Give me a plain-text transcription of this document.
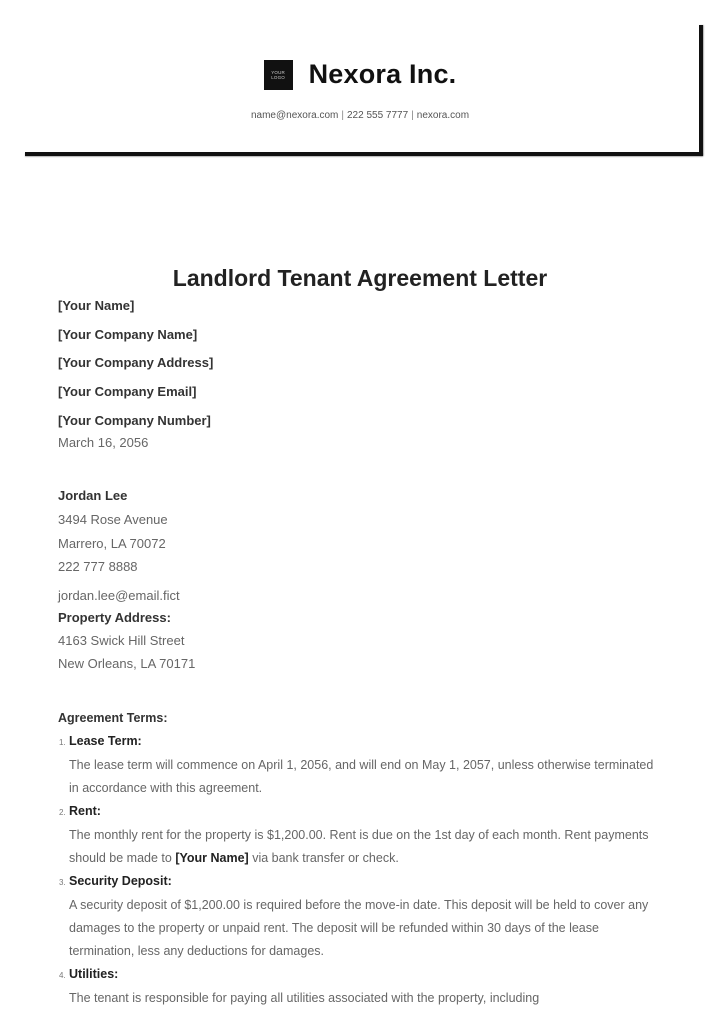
YOUR
LOGO Nexora Inc.
name@nexora.com | 222 555 7777 | nexora.com
Landlord Tenant Agreement Letter
[Your Name]
[Your Company Name]
[Your Company Address]
[Your Company Email]
[Your Company Number]
March 16, 2056
Jordan Lee
3494 Rose Avenue
Marrero, LA 70072
222 777 8888
jordan.lee@email.fict
Property Address:
4163 Swick Hill Street
New Orleans, LA 70171
Agreement Terms:
1. Lease Term:
The lease term will commence on April 1, 2056, and will end on May 1, 2057, unless otherwise terminated in accordance with this agreement.
2. Rent:
The monthly rent for the property is $1,200.00. Rent is due on the 1st day of each month. Rent payments should be made to [Your Name] via bank transfer or check.
3. Security Deposit:
A security deposit of $1,200.00 is required before the move-in date. This deposit will be held to cover any damages to the property or unpaid rent. The deposit will be refunded within 30 days of the lease termination, less any deductions for damages.
4. Utilities:
The tenant is responsible for paying all utilities associated with the property, including
